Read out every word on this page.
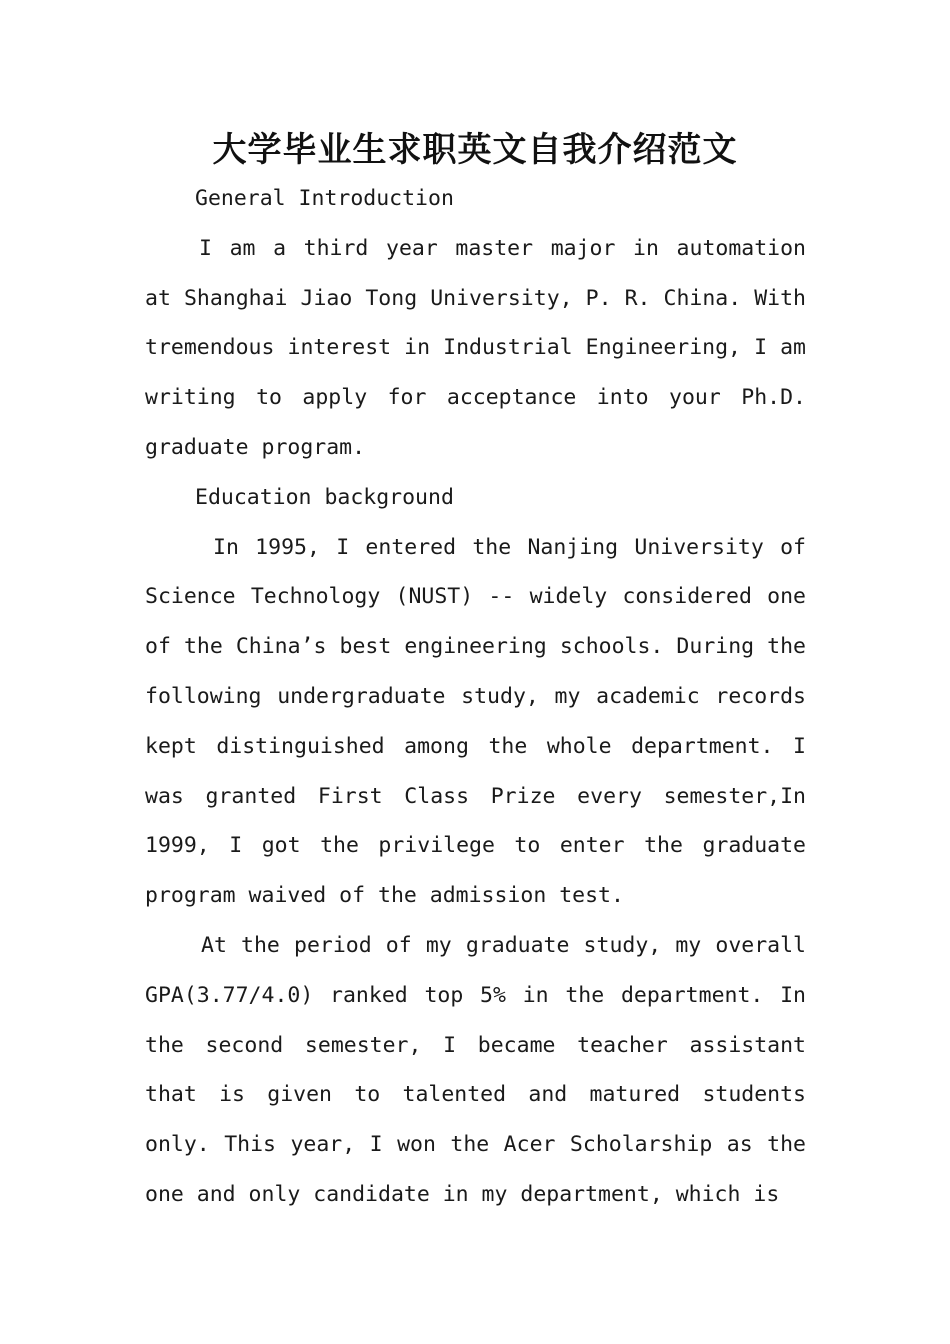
大学毕业生求职英文自我介绍范文

General Introduction

I am a third year master major in automation at Shanghai Jiao Tong University, P. R. China. With tremendous interest in Industrial Engineering, I am writing to apply for acceptance into your Ph.D. graduate program.

Education background

In 1995, I entered the Nanjing University of Science Technology (NUST) -- widely considered one of the China’s best engineering schools. During the following undergraduate study, my academic records kept distinguished among the whole department. I was granted First Class Prize every semester,In 1999, I got the privilege to enter the graduate program waived of the admission test.

At the period of my graduate study, my overall GPA(3.77/4.0) ranked top 5% in the department. In the second semester, I became teacher assistant that is given to talented and matured students only. This year, I won the Acer Scholarship as the one and only candidate in my department, which is
